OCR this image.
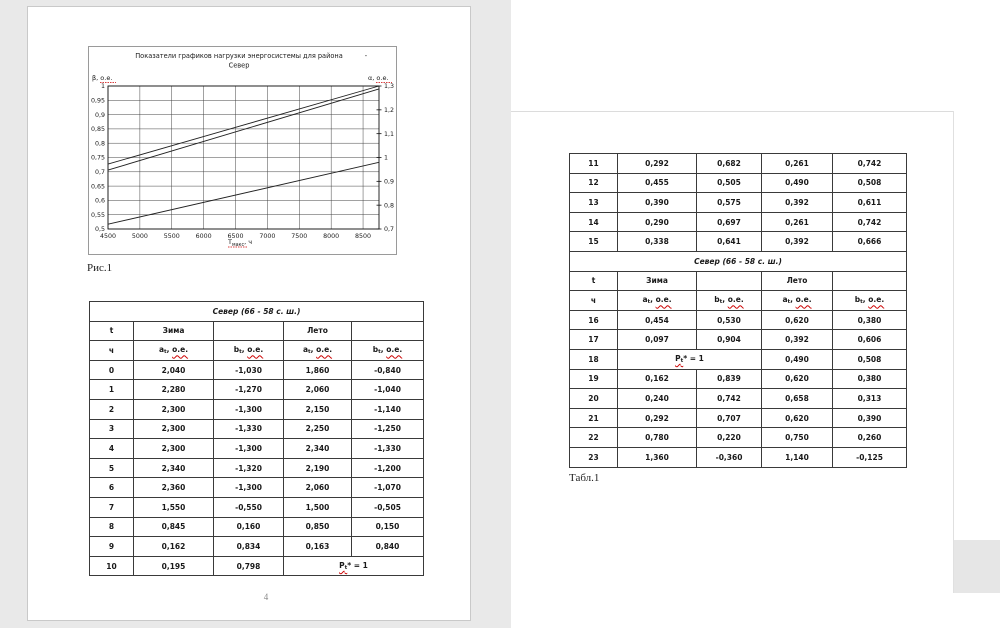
1
0,95
0,9
0,85
0,8
0,75
0,7
0,65
0,6
0,55
0,5
1,3
1,2
1,1
1
0,9
0,8
0,7
4500	5000	5500	6000	6500	7000	7500	8000	8500
Показатели графиков нагрузки энергосистемы для района	-
Север
β, о.е.	α, о.е.
$Т_{макс}$, ч
Рис.1
Север (66 - 58 с. ш.)				
t	Зима		Лето	
ч	$a_t$, о.е.	$b_t$, о.е.	$a_t$, о.е.	$b_t$, о.е.
0	2,040	-1,030	1,860	-0,840
1	2,280	-1,270	2,060	-1,040
2	2,300	-1,300	2,150	-1,140
3	2,300	-1,330	2,250	-1,250
4	2,300	-1,300	2,340	-1,330
5	2,340	-1,320	2,190	-1,200
6	2,360	-1,300	2,060	-1,070
7	1,550	-0,550	1,500	-0,505
8	0,845	0,160	0,850	0,150
9	0,162	0,834	0,163	0,840
10	0,195	0,798	$P_t* = 1$	
4
11	0,292	0,682	0,261	0,742
12	0,455	0,505	0,490	0,508
13	0,390	0,575	0,392	0,611
14	0,290	0,697	0,261	0,742
15	0,338	0,641	0,392	0,666
Север (66 - 58 с. ш.)				
t	Зима		Лето	
ч	$a_t$, о.е.	$b_t$, о.е.	$a_t$, о.е.	$b_t$, о.е.
16	0,454	0,530	0,620	0,380
17	0,097	0,904	0,392	0,606
18	$P_t* = 1$		0,490	0,508
19	0,162	0,839	0,620	0,380
20	0,240	0,742	0,658	0,313
21	0,292	0,707	0,620	0,390
22	0,780	0,220	0,750	0,260
23	1,360	-0,360	1,140	-0,125
Табл.1
